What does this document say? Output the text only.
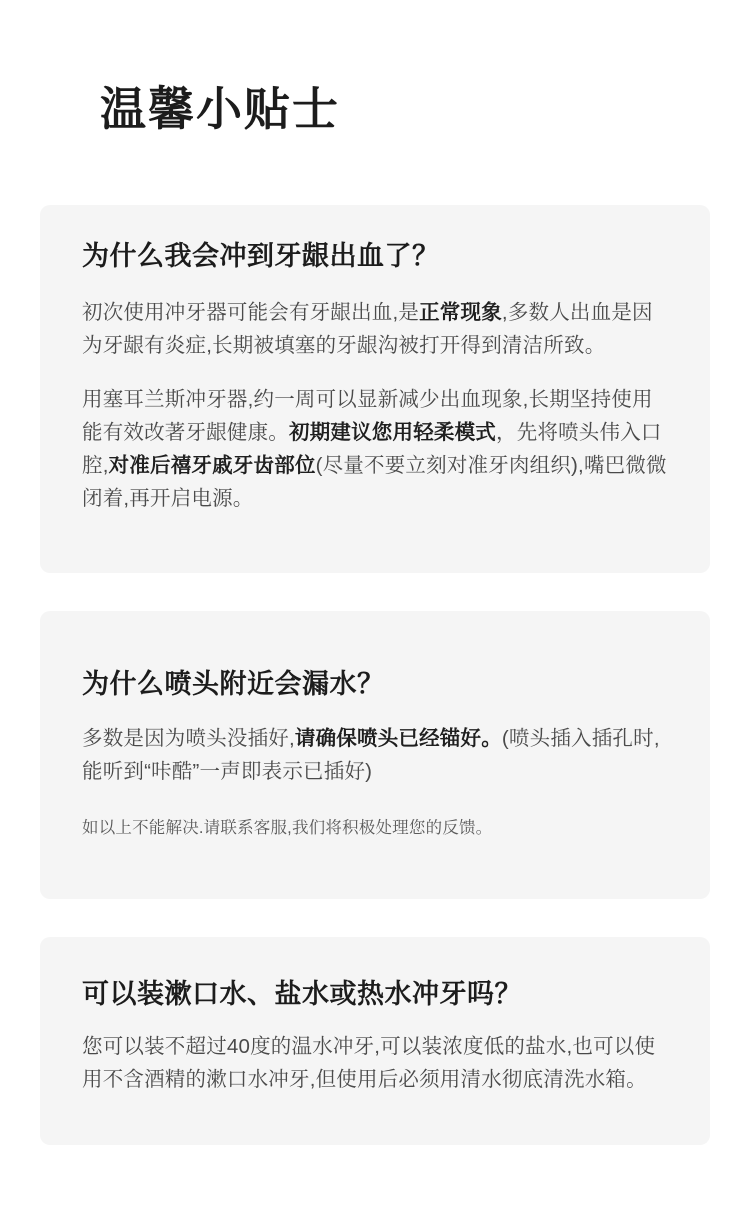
温馨小贴士
为什么我会冲到牙龈出血了？

初次使用冲牙器可能会有牙龈出血,是正常现象,多数人出血是因为牙龈有炎症,长期被填塞的牙龈沟被打开得到清洁所致。

用塞耳兰斯冲牙器,约一周可以显新减少出血现象,长期坚持使用能有效改著牙龈健康。初期建议您用轻柔模式，先将喷头伟入口腔,对准后禧牙戚牙齿部位(尽量不要立刻对准牙肉组织),嘴巴微微闭着,再开启电源。

为什么喷头附近会漏水？

多数是因为喷头没插好,请确保喷头已经锚好。(喷头插入插孔时,能听到“咔酷”一声即表示已插好)

如以上不能解决.请联系客服,我们将积极处理您的反馈。

可以装漱口水、盐水或热水冲牙吗？

您可以装不超过40度的温水冲牙,可以装浓度低的盐水,也可以使用不含酒精的漱口水冲牙,但使用后必须用清水彻底清洗水箱。
